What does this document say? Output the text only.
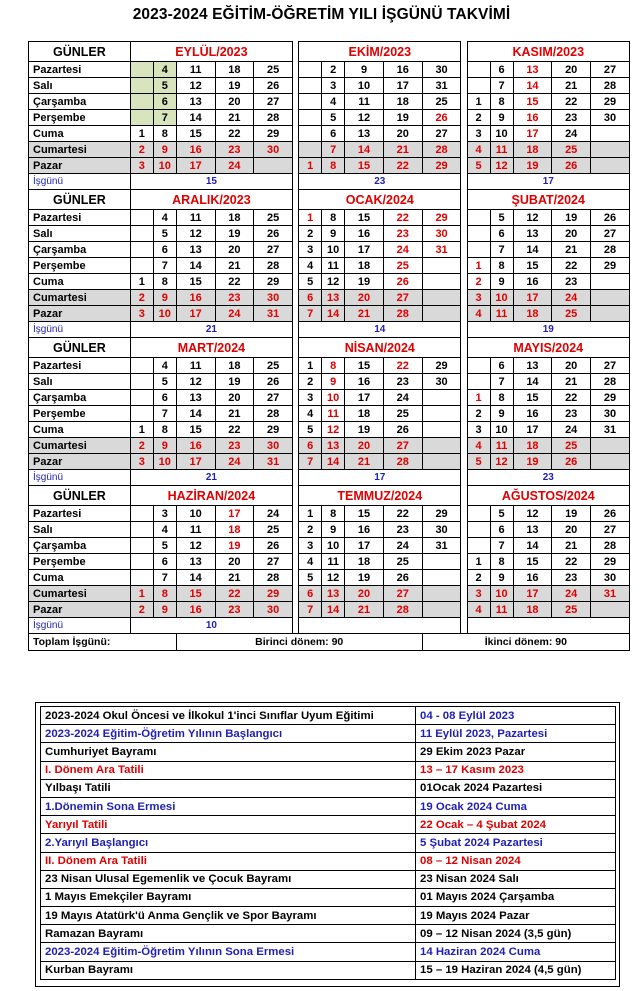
2023-2024 EĞİTİM-ÖĞRETİM YILI İŞGÜNÜ TAKVİMİ
GÜNLER	EYLÜL/2023						EKİM/2023						KASIM/2023				
Pazartesi		4	11	18	25			2	9	16	30			6	13	20	27
Salı		5	12	19	26			3	10	17	31			7	14	21	28
Çarşamba		6	13	20	27			4	11	18	25		1	8	15	22	29
Perşembe		7	14	21	28			5	12	19	26		2	9	16	23	30
Cuma	1	8	15	22	29			6	13	20	27		3	10	17	24	
Cumartesi	2	9	16	23	30			7	14	21	28		4	11	18	25	
Pazar	3	10	17	24			1	8	15	22	29		5	12	19	26	
İşgünü	15						23						17				
GÜNLER	ARALIK/2023						OCAK/2024						ŞUBAT/2024				
Pazartesi		4	11	18	25		1	8	15	22	29			5	12	19	26
Salı		5	12	19	26		2	9	16	23	30			6	13	20	27
Çarşamba		6	13	20	27		3	10	17	24	31			7	14	21	28
Perşembe		7	14	21	28		4	11	18	25			1	8	15	22	29
Cuma	1	8	15	22	29		5	12	19	26			2	9	16	23	
Cumartesi	2	9	16	23	30		6	13	20	27			3	10	17	24	
Pazar	3	10	17	24	31		7	14	21	28			4	11	18	25	
İşgünü	21						14						19				
GÜNLER	MART/2024						NİSAN/2024						MAYIS/2024				
Pazartesi		4	11	18	25		1	8	15	22	29			6	13	20	27
Salı		5	12	19	26		2	9	16	23	30			7	14	21	28
Çarşamba		6	13	20	27		3	10	17	24			1	8	15	22	29
Perşembe		7	14	21	28		4	11	18	25			2	9	16	23	30
Cuma	1	8	15	22	29		5	12	19	26			3	10	17	24	31
Cumartesi	2	9	16	23	30		6	13	20	27			4	11	18	25	
Pazar	3	10	17	24	31		7	14	21	28			5	12	19	26	
İşgünü	21						17						23				
GÜNLER	HAZİRAN/2024						TEMMUZ/2024						AĞUSTOS/2024				
Pazartesi		3	10	17	24		1	8	15	22	29			5	12	19	26
Salı		4	11	18	25		2	9	16	23	30			6	13	20	27
Çarşamba		5	12	19	26		3	10	17	24	31			7	14	21	28
Perşembe		6	13	20	27		4	11	18	25			1	8	15	22	29
Cuma		7	14	21	28		5	12	19	26			2	9	16	23	30
Cumartesi	1	8	15	22	29		6	13	20	27			3	10	17	24	31
Pazar	2	9	16	23	30		7	14	21	28			4	11	18	25	
İşgünü	10																
Toplam İşgünü:			Birinci dönem: 90								İkinci dönem: 90						
2023-2024 Okul Öncesi ve İlkokul 1'inci Sınıflar Uyum Eğitimi	04 - 08 Eylül 2023
2023-2024 Eğitim-Öğretim Yılının Başlangıcı	11 Eylül 2023, Pazartesi
Cumhuriyet Bayramı	29 Ekim 2023 Pazar
I. Dönem Ara Tatili	13 – 17 Kasım 2023
Yılbaşı Tatili	01Ocak 2024 Pazartesi
1.Dönemin Sona Ermesi	19 Ocak 2024 Cuma
Yarıyıl Tatili	22 Ocak – 4 Şubat 2024
2.Yarıyıl Başlangıcı	5 Şubat 2024 Pazartesi
II. Dönem Ara Tatili	08 – 12 Nisan 2024
23 Nisan Ulusal Egemenlik ve Çocuk Bayramı	23 Nisan 2024 Salı
1 Mayıs Emekçiler Bayramı	01 Mayıs 2024 Çarşamba
19 Mayıs Atatürk'ü Anma Gençlik ve Spor Bayramı	19 Mayıs 2024 Pazar
Ramazan Bayramı	09 – 12 Nisan 2024 (3,5 gün)
2023-2024 Eğitim-Öğretim Yılının Sona Ermesi	14 Haziran 2024 Cuma
Kurban Bayramı	15 – 19 Haziran 2024 (4,5 gün)
